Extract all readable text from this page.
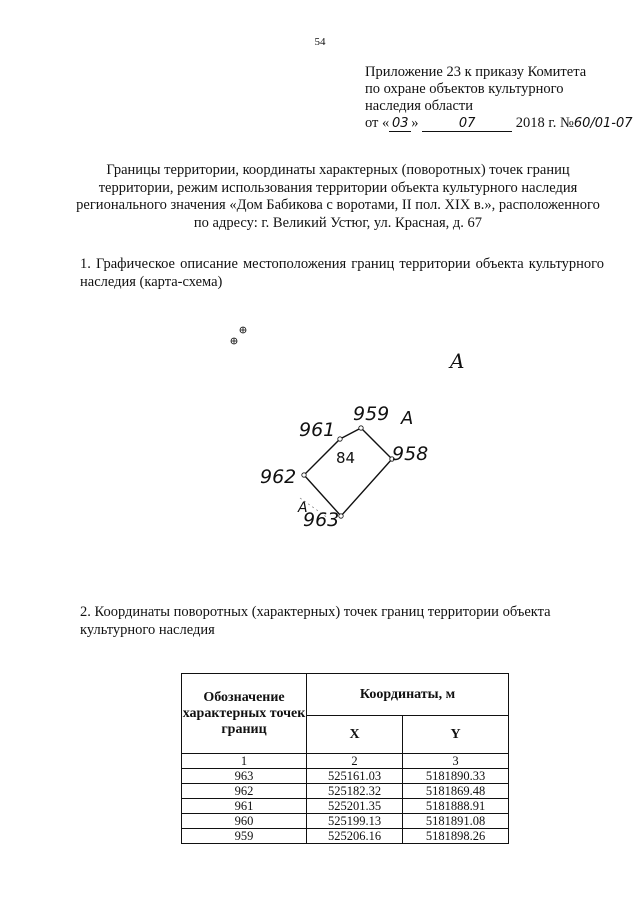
54
Приложение 23 к приказу Комитета
по охране объектов культурного
наследия области
от « 03 »	07	2018 г. №60/01-07
Границы территории, координаты характерных (поворотных) точек границ территории, режим использования территории объекта культурного наследия регионального значения «Дом Бабикова с воротами, II пол. XIX в.», расположенного по адресу: г. Великий Устюг, ул. Красная, д. 67
1. Графическое описание местоположения границ территории объекта культурного наследия (карта-схема)
A
A
A
959
961
958
962
963
84
2. Координаты поворотных (характерных) точек границ территории объекта культурного наследия
Обозначение характерных точек границ	Координаты, м	
	X	Y
1	2	3
963	525161.03	5181890.33
962	525182.32	5181869.48
961	525201.35	5181888.91
960	525199.13	5181891.08
959	525206.16	5181898.26
